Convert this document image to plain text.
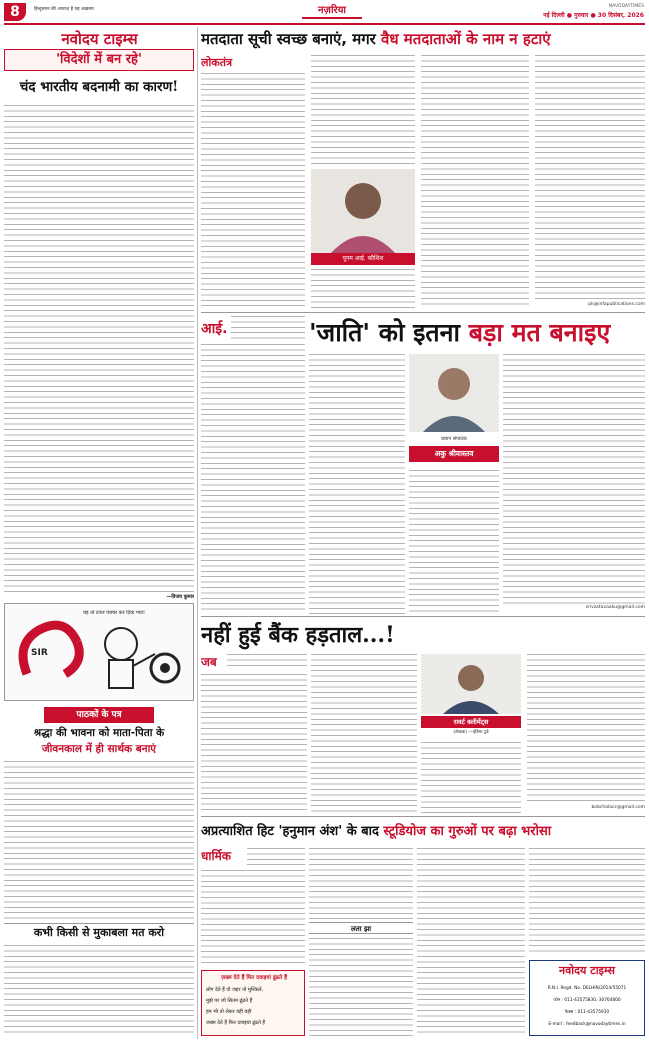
8	हिन्दुस्तान की आवाज़ है यह अख़बार	नज़रिया	NAVODAYTIMES
नई दिल्ली ● गुरुवार ● 30 दिसंबर, 2026
नवोदय टाइम्स
'विदेशों में बन रहे'
चंद भारतीय बदनामी का कारण!
—विजय कुमार
यह तो टायर पंक्चर कर दिया गया!
SIR
पाठकों के पत्र
श्रद्धा की भावना को माता-पिता के
जीवनकाल में ही सार्थक बनाएं
कभी किसी से मुकाबला मत करो
मतदाता सूची स्वच्छ बनाएं, मगर वैध मतदाताओं के नाम न हटाएं
लोकतंत्र
पूनम आई. कौशिश
pk@infapublications.com
आई.	'जाति' को इतना बड़ा मत बनाइए
प्रधान संपादक
अकु श्रीवास्तव
srivastavaaku@gmail.com
नहीं हुई बैंक हड़ताल...!
जब
रावर्ट क्लीमेंट्स
(लेखक) —इंडिया टुडे
bobchalacc@gmail.com
अप्रत्याशित हिट 'हनुमान अंश' के बाद स्टूडियोज का गुरुओं पर बढ़ा भरोसा
धार्मिक
ज़ख्म देते हैं फिर दवाइयां ढूंढते हैं
लोग देते हैं वो जहर तो मुश्किलें,
मुझे पर जो सितम ढूंढते हैं
हम भी तो लेकर वही वही
जख्म देते हैं फिर दवाइयां ढूंढते हैं
लता झा
नवोदय टाइम्स
R.N.I. Regd. No. DELHIN/2014/55071
फोन : 011-43575830, 30764800
फैक्स : 011-43575910
E-mail : feedback@navodaytimes.in
